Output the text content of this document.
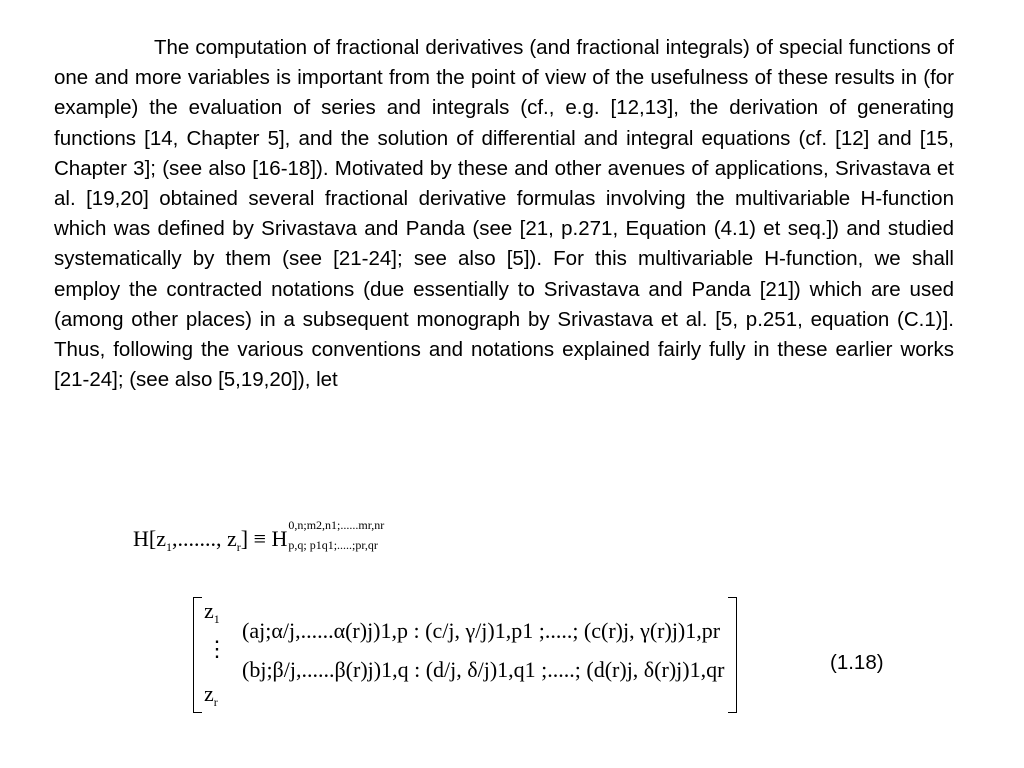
The computation of fractional derivatives (and fractional integrals) of special functions of one and more variables is important from the point of view of the usefulness of these results in (for example) the evaluation of series and integrals (cf., e.g. [12,13], the derivation of generating functions [14, Chapter 5], and the solution of differential and integral equations (cf. [12] and [15, Chapter 3]; (see also [16-18]). Motivated by these and other avenues of applications, Srivastava et al. [19,20] obtained several fractional derivative formulas involving the multivariable H-function which was defined by Srivastava and Panda (see [21, p.271, Equation (4.1) et seq.]) and studied systematically by them (see [21-24]; see also [5]). For this multivariable H-function, we shall employ the contracted notations (due essentially to Srivastava and Panda [21]) which are used (among other places) in a subsequent monograph by Srivastava et al. [5, p.251, equation (C.1)]. Thus, following the various conventions and notations explained fairly fully in these earlier works [21-24]; (see also [5,19,20]), let

$H[z_1$,......., $z_r] \equiv H$
0,n;m2,n1;......mr,nr
p,q; p1q1;.....;pr,qr
$z_1$
⋮
$z_r$
(aj;α/j,......α(r)j)1,p : (c/j, γ/j)1,p1 ;.....; (c(r)j, γ(r)j)1,pr
(bj;β/j,......β(r)j)1,q : (d/j, δ/j)1,q1 ;.....; (d(r)j, δ(r)j)1,qr	(1.18)
